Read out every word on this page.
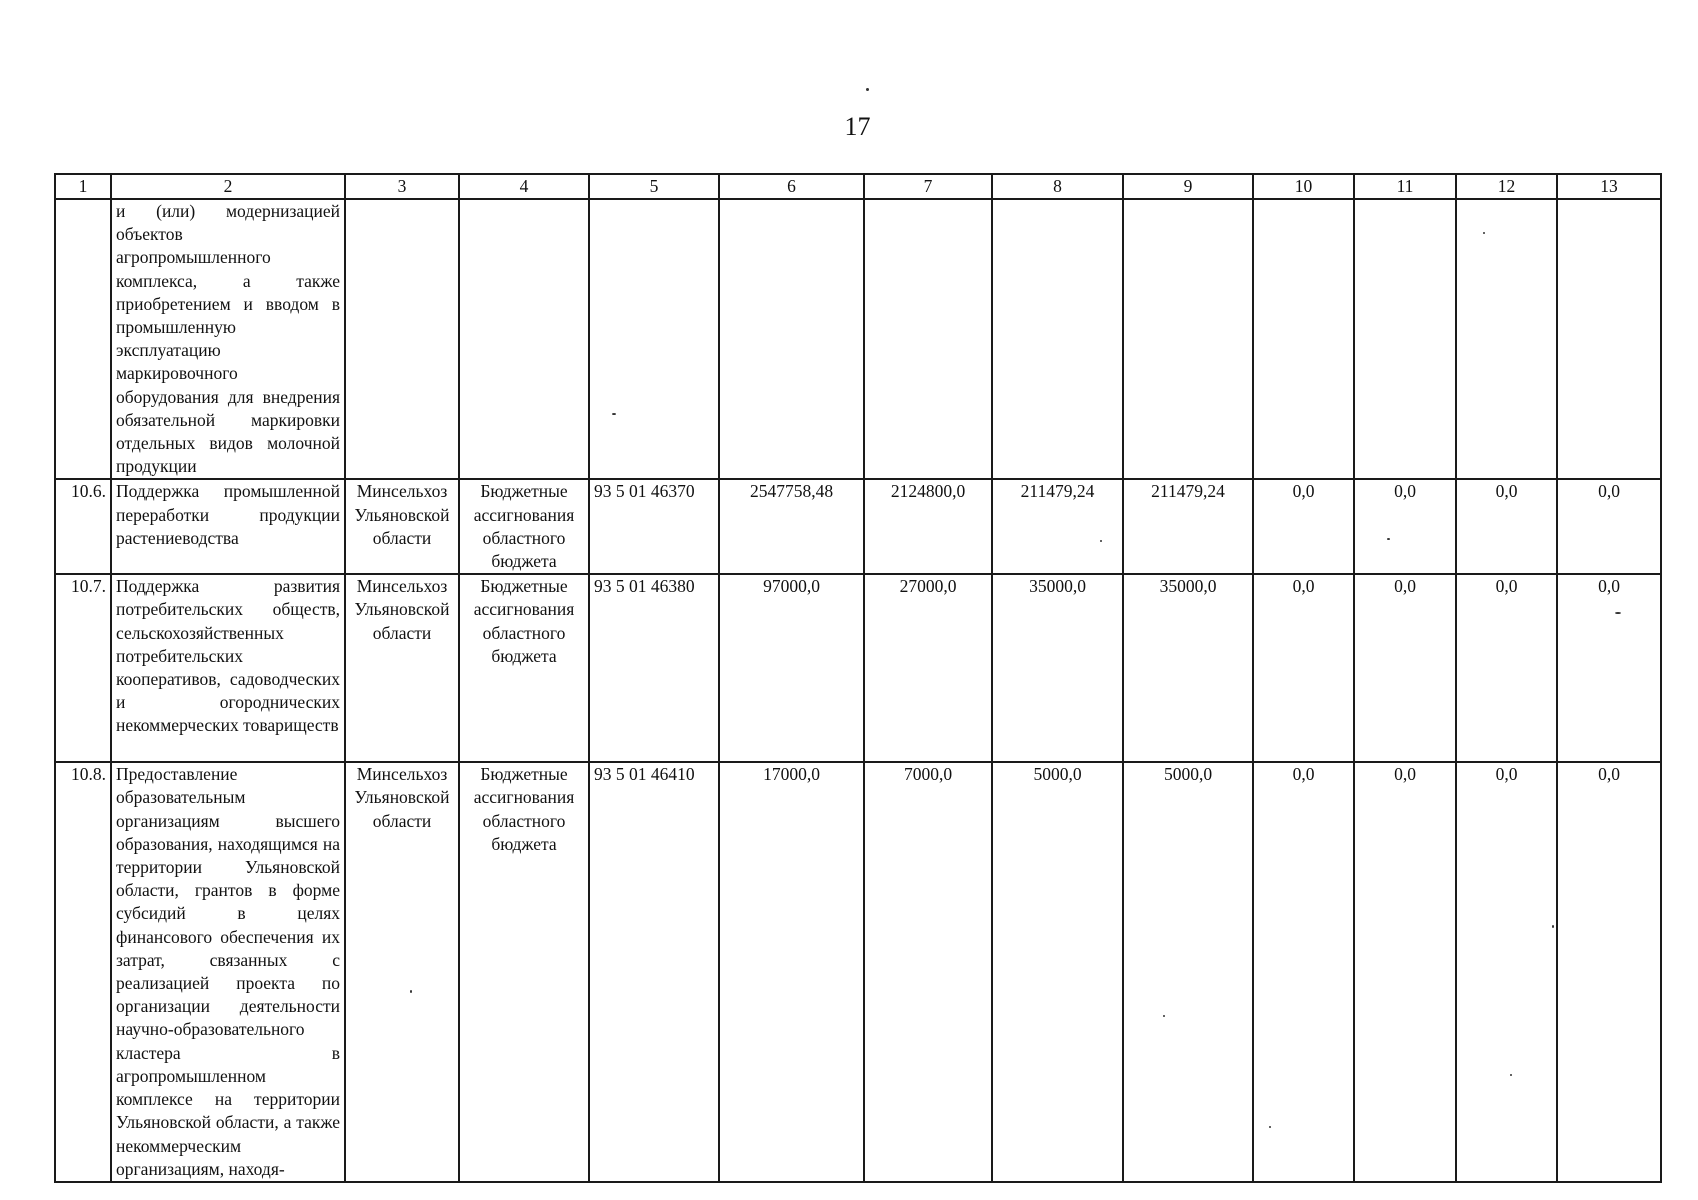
17
1	2	3	4	5	6	7	8	9	10	11	12	13
	и (или) модернизацией объектов агропромышленного комплекса, а также приобретением и вводом в промышленную эксплуатацию маркировочного оборудования для внедрения обязательной маркировки отдельных видов молочной продукции											
10.6.	Поддержка промышленной переработки продукции растениеводства	Минсельхоз Ульяновской области	Бюджетные ассигнования областного бюджета	93 5 01 46370	2547758,48	2124800,0	211479,24	211479,24	0,0	0,0	0,0	0,0
10.7.	Поддержка развития потребительских обществ, сельскохозяйственных потребительских кооперативов, садоводческих и огороднических некоммерческих товариществ	Минсельхоз Ульяновской области	Бюджетные ассигнования областного бюджета	93 5 01 46380	97000,0	27000,0	35000,0	35000,0	0,0	0,0	0,0	0,0
10.8.	Предоставление образовательным организациям высшего образования, находящимся на территории Ульяновской области, грантов в форме субсидий в целях финансового обеспечения их затрат, связанных с реализацией проекта по организации деятельности научно-образовательного кластера в агропромышленном комплексе на территории Ульяновской области, а также некоммерческим организациям, находя-	Минсельхоз Ульяновской области	Бюджетные ассигнования областного бюджета	93 5 01 46410	17000,0	7000,0	5000,0	5000,0	0,0	0,0	0,0	0,0
